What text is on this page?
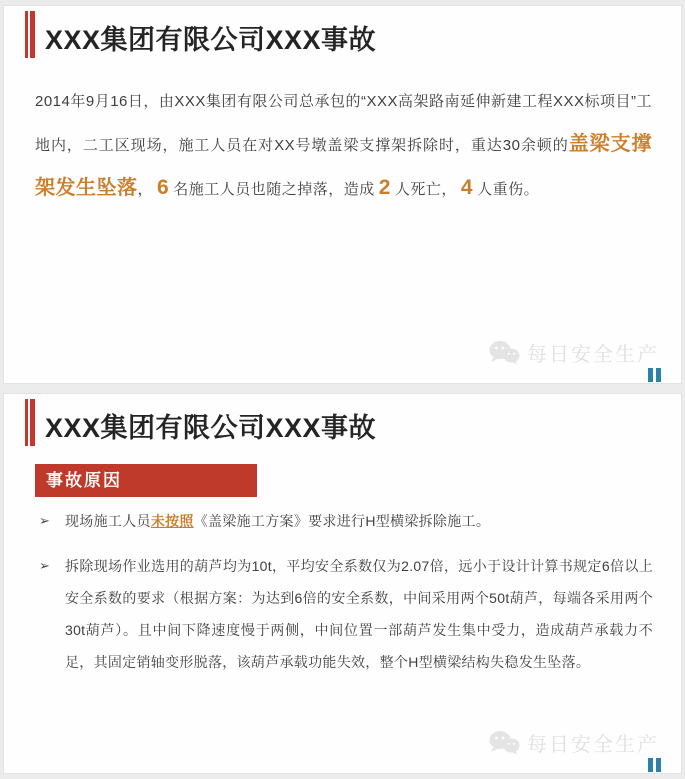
XXX集团有限公司XXX事故

2014年9月16日，由XXX集团有限公司总承包的“XXX高架路南延伸新建工程XXX标项目”工地内，二工区现场，施工人员在对XX号墩盖梁支撑架拆除时，重达30余顿的盖梁支撑架发生坠落， 6 名施工人员也随之掉落，造成 2 人死亡， 4 人重伤。

每日安全生产
XXX集团有限公司XXX事故
事故原因
➢	现场施工人员未按照《盖梁施工方案》要求进行H型横梁拆除施工。
➢	拆除现场作业选用的葫芦均为10t，平均安全系数仅为2.07倍，远小于设计计算书规定6倍以上安全系数的要求（根据方案：为达到6倍的安全系数，中间采用两个50t葫芦，每端各采用两个30t葫芦）。且中间下降速度慢于两侧，中间位置一部葫芦发生集中受力，造成葫芦承载力不足，其固定销轴变形脱落，该葫芦承载功能失效，整个H型横梁结构失稳发生坠落。
每日安全生产
